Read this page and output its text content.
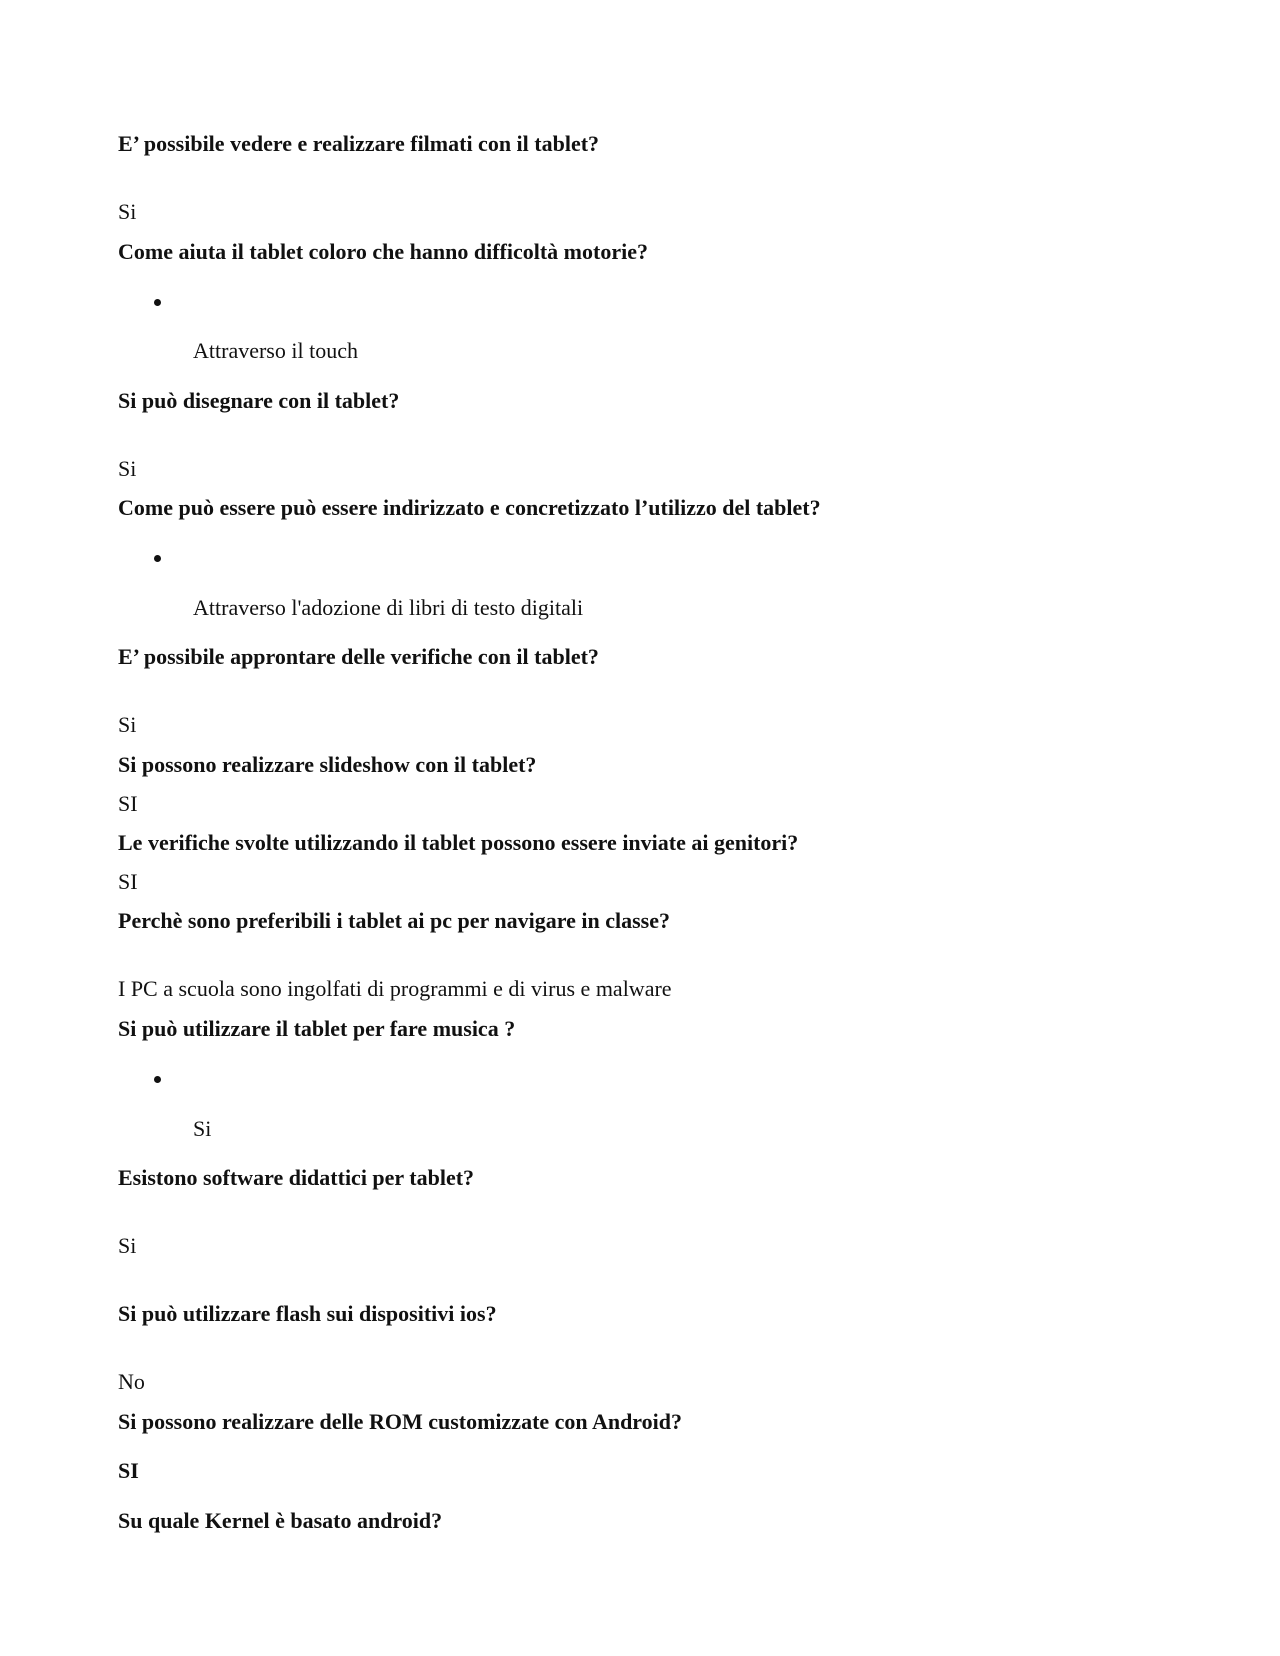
E’ possibile vedere e realizzare filmati con il tablet?
Si
Come aiuta il tablet coloro che hanno difficoltà motorie?
Attraverso il touch
Si può disegnare con il tablet?
Si
Come può essere può essere indirizzato e concretizzato l’utilizzo del tablet?
Attraverso l'adozione di libri di testo digitali
E’ possibile approntare delle verifiche con il tablet?
Si
Si possono realizzare slideshow con il tablet?
SI
Le verifiche svolte utilizzando il tablet possono essere inviate ai genitori?
SI
Perchè sono preferibili i tablet ai pc per navigare in classe?
I PC a scuola sono ingolfati di programmi e di virus e malware
Si può utilizzare il tablet per fare musica ?
Si
Esistono software didattici per tablet?
Si
Si può utilizzare flash sui dispositivi ios?
No
Si possono realizzare delle ROM customizzate con Android?
SI
Su quale Kernel è basato android?
